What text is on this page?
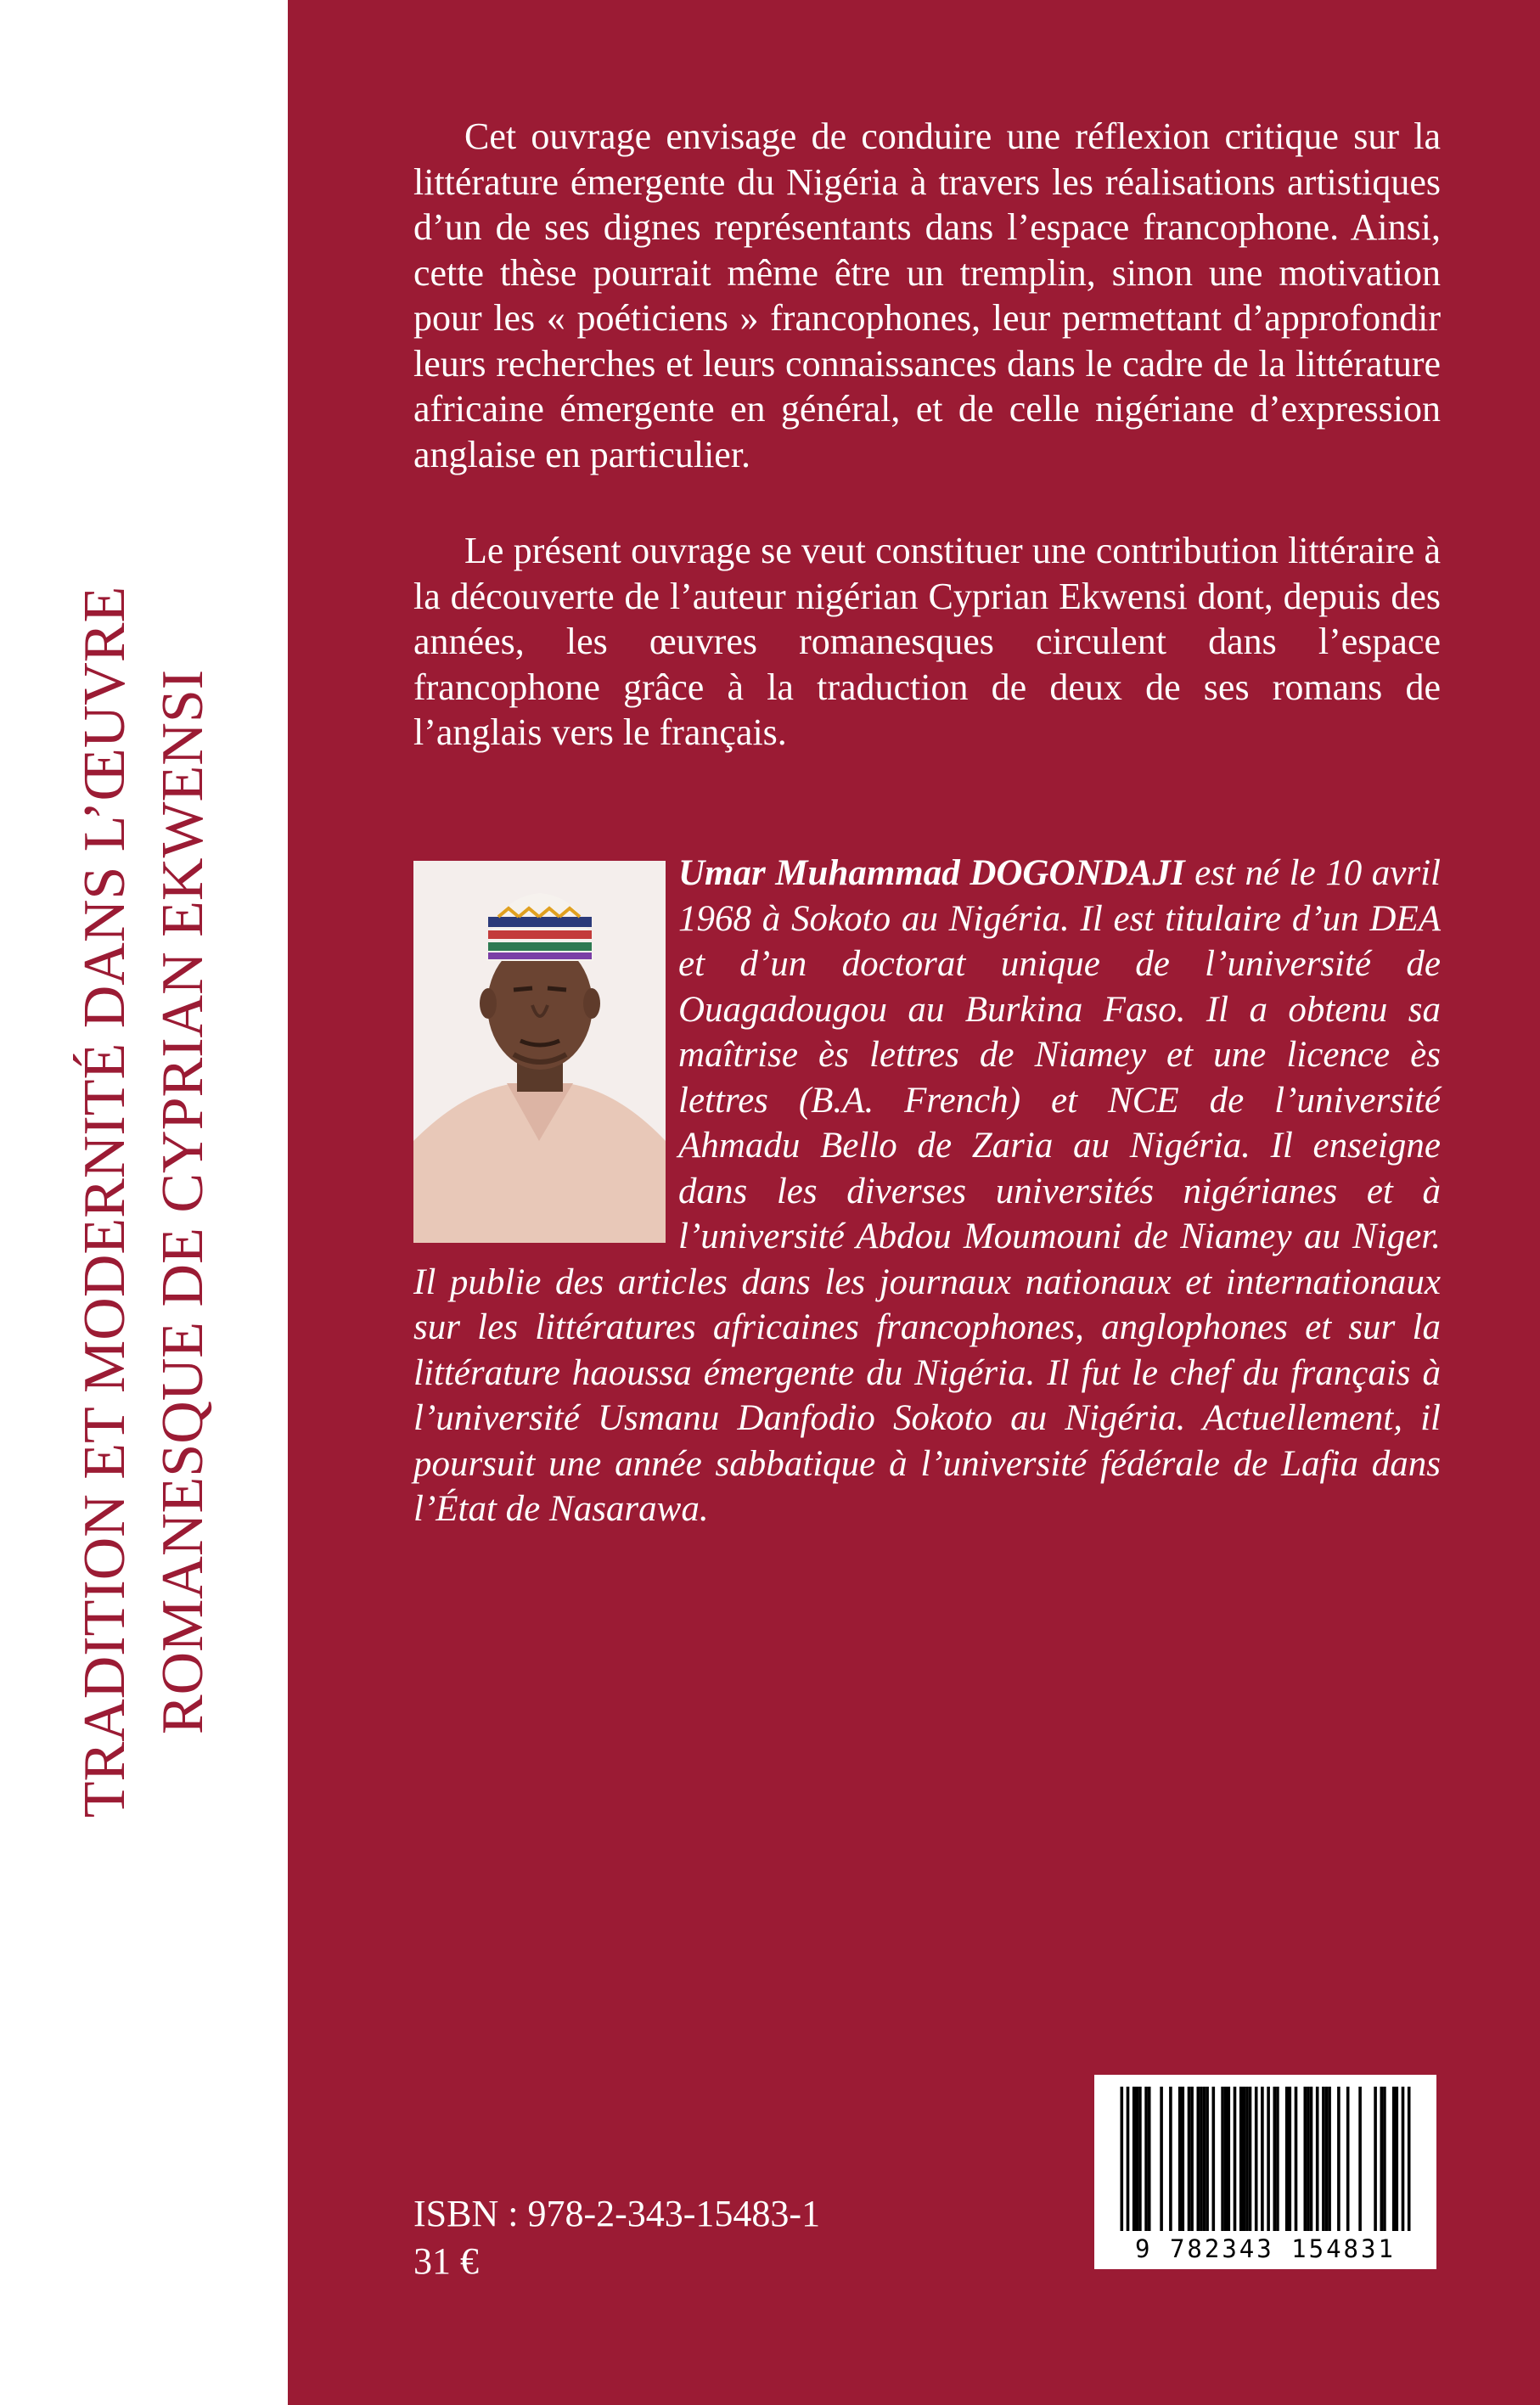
TRADITION ET MODERNITÉ DANS L’ŒUVRE ROMANESQUE DE CYPRIAN EKWENSI

Cet ouvrage envisage de conduire une réflexion critique sur la littérature émergente du Nigéria à travers les réalisations artistiques d’un de ses dignes représentants dans l’espace francophone. Ainsi, cette thèse pourrait même être un tremplin, sinon une motivation pour les « poéticiens » francophones, leur permettant d’approfondir leurs recherches et leurs connaissances dans le cadre de la littérature africaine émergente en général, et de celle nigériane d’expression anglaise en particulier.

Le présent ouvrage se veut constituer une contribution littéraire à la découverte de l’auteur nigérian Cyprian Ekwensi dont, depuis des années, les œuvres romanesques circulent dans l’espace francophone grâce à la traduction de deux de ses romans de l’anglais vers le français.

Umar Muhammad DOGONDAJI est né le 10 avril 1968 à Sokoto au Nigéria. Il est titulaire d’un DEA et d’un doctorat unique de l’université de Ouagadougou au Burkina Faso. Il a obtenu sa maîtrise ès lettres de Niamey et une licence ès lettres (B.A. French) et NCE de l’université Ahmadu Bello de Zaria au Nigéria. Il enseigne dans les diverses universités nigérianes et à l’université Abdou Moumouni de Niamey au Niger. Il publie des articles dans les journaux nationaux et internationaux sur les littératures africaines francophones, anglophones et sur la littérature haoussa émergente du Nigéria. Il fut le chef du français à l’université Usmanu Danfodio Sokoto au Nigéria. Actuellement, il poursuit une année sabbatique à l’université fédérale de Lafia dans l’État de Nasarawa.

ISBN : 978-2-343-15483-1
31 €	9 782343 154831
